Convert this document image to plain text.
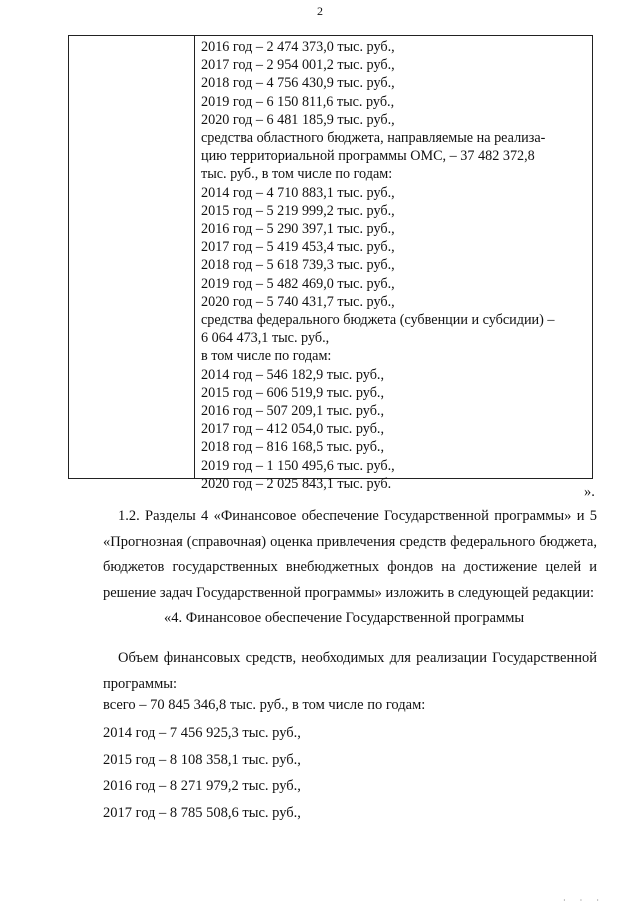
2
2016 год – 2 474 373,0 тыс. руб.,
2017 год – 2 954 001,2 тыс. руб.,
2018 год – 4 756 430,9 тыс. руб.,
2019 год – 6 150 811,6 тыс. руб.,
2020 год – 6 481 185,9 тыс. руб.,
средства областного бюджета, направляемые на реализа-
цию территориальной программы ОМС, – 37 482 372,8
тыс. руб., в том числе по годам:
2014 год – 4 710 883,1 тыс. руб.,
2015 год – 5 219 999,2 тыс. руб.,
2016 год – 5 290 397,1 тыс. руб.,
2017 год – 5 419 453,4 тыс. руб.,
2018 год – 5 618 739,3 тыс. руб.,
2019 год – 5 482 469,0 тыс. руб.,
2020 год – 5 740 431,7 тыс. руб.,
средства федерального бюджета (субвенции и субсидии) –
6 064 473,1 тыс. руб.,
в том числе по годам:
2014 год – 546 182,9 тыс. руб.,
2015 год – 606 519,9 тыс. руб.,
2016 год – 507 209,1 тыс. руб.,
2017 год – 412 054,0 тыс. руб.,
2018 год – 816 168,5 тыс. руб.,
2019 год – 1 150 495,6 тыс. руб.,
2020 год – 2 025 843,1 тыс. руб.
».
1.2. Разделы 4 «Финансовое обеспечение Государственной программы» и 5 «Прогнозная (справочная) оценка привлечения средств федерального бюджета, бюджетов государственных внебюджетных фондов на достижение целей и решение задач Государственной программы» изложить в следующей редакции:
«4. Финансовое обеспечение Государственной программы
Объем финансовых средств, необходимых для реализации Государственной программы:
всего – 70 845 346,8 тыс. руб., в том числе по годам:
2014 год – 7 456 925,3 тыс. руб.,
2015 год – 8 108 358,1 тыс. руб.,
2016 год – 8 271 979,2 тыс. руб.,
2017 год – 8 785 508,6 тыс. руб.,
· · ·
